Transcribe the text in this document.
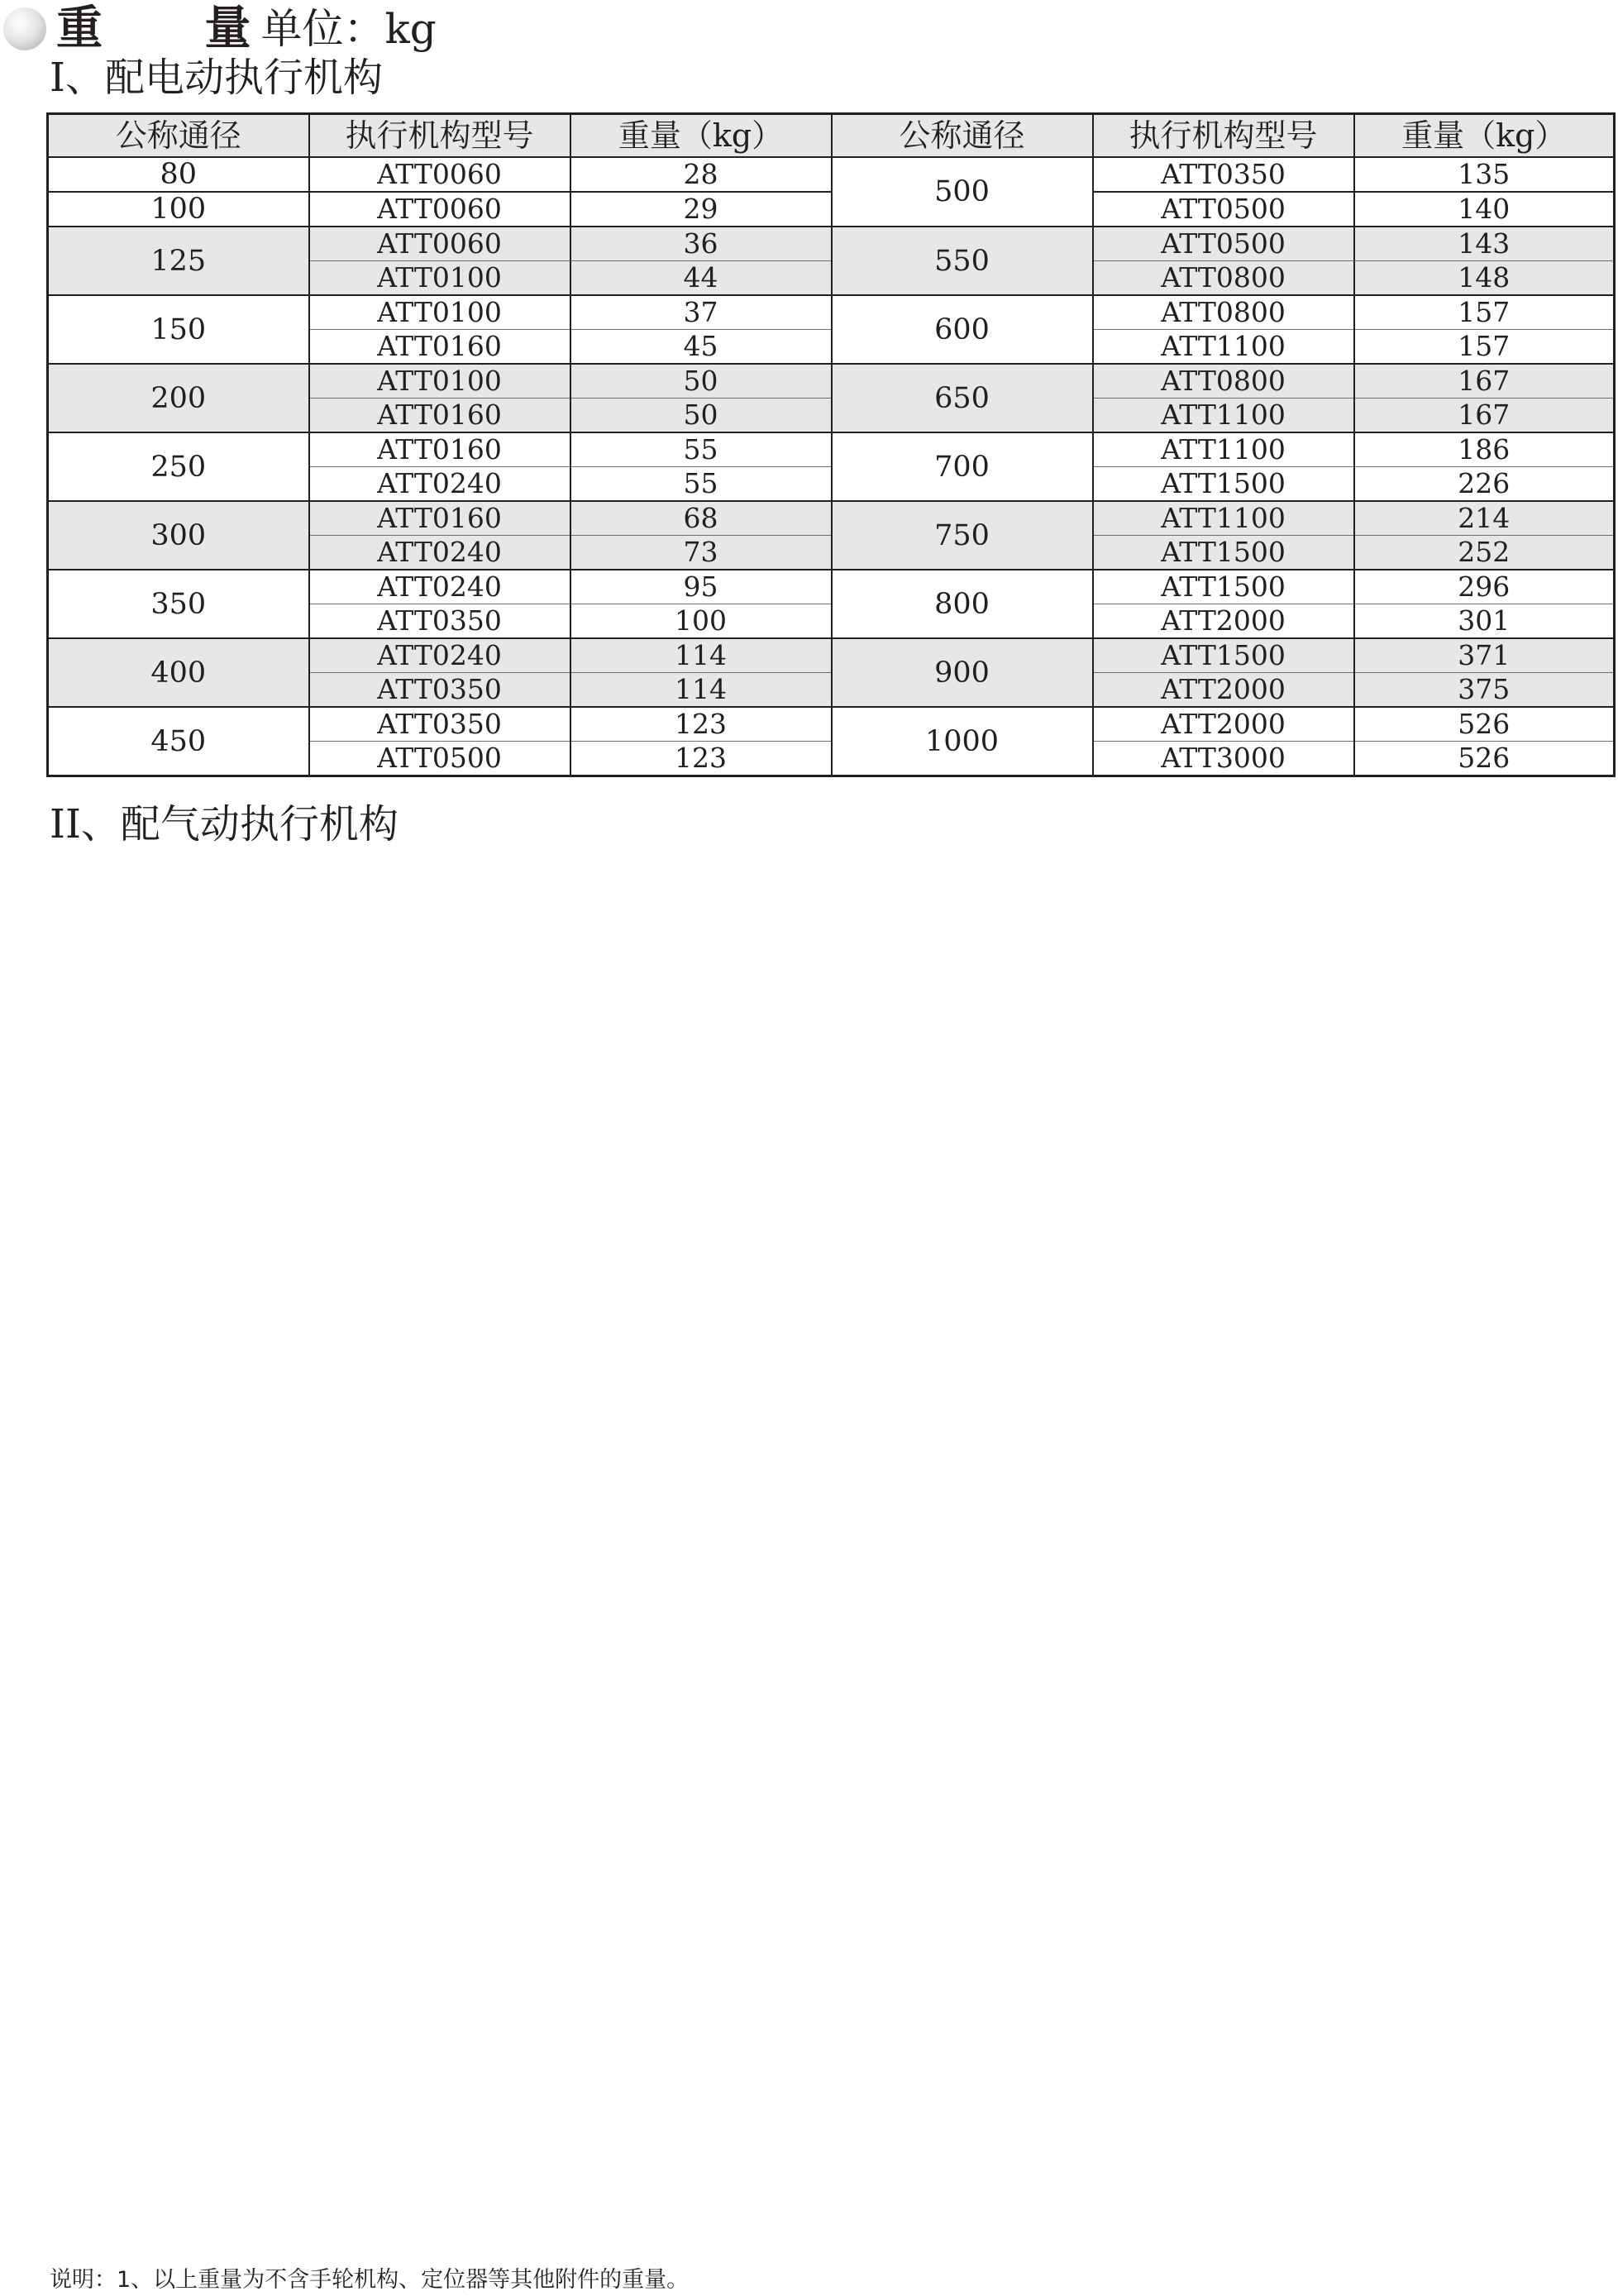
重 量
单位：kg
I、配电动执行机构
公称通径	执行机构型号	重量（kg）	公称通径	执行机构型号	重量（kg）
80	ATT0060	28	500	ATT0350	135
100	ATT0060	29		ATT0500	140
125	ATT0060	36	550	ATT0500	143
	ATT0100	44		ATT0800	148
150	ATT0100	37	600	ATT0800	157
	ATT0160	45		ATT1100	157
200	ATT0100	50	650	ATT0800	167
	ATT0160	50		ATT1100	167
250	ATT0160	55	700	ATT1100	186
	ATT0240	55		ATT1500	226
300	ATT0160	68	750	ATT1100	214
	ATT0240	73		ATT1500	252
350	ATT0240	95	800	ATT1500	296
	ATT0350	100		ATT2000	301
400	ATT0240	114	900	ATT1500	371
	ATT0350	114		ATT2000	375
450	ATT0350	123	1000	ATT2000	526
	ATT0500	123		ATT3000	526
II、配气动执行机构
说明：1、以上重量为不含手轮机构、定位器等其他附件的重量。
